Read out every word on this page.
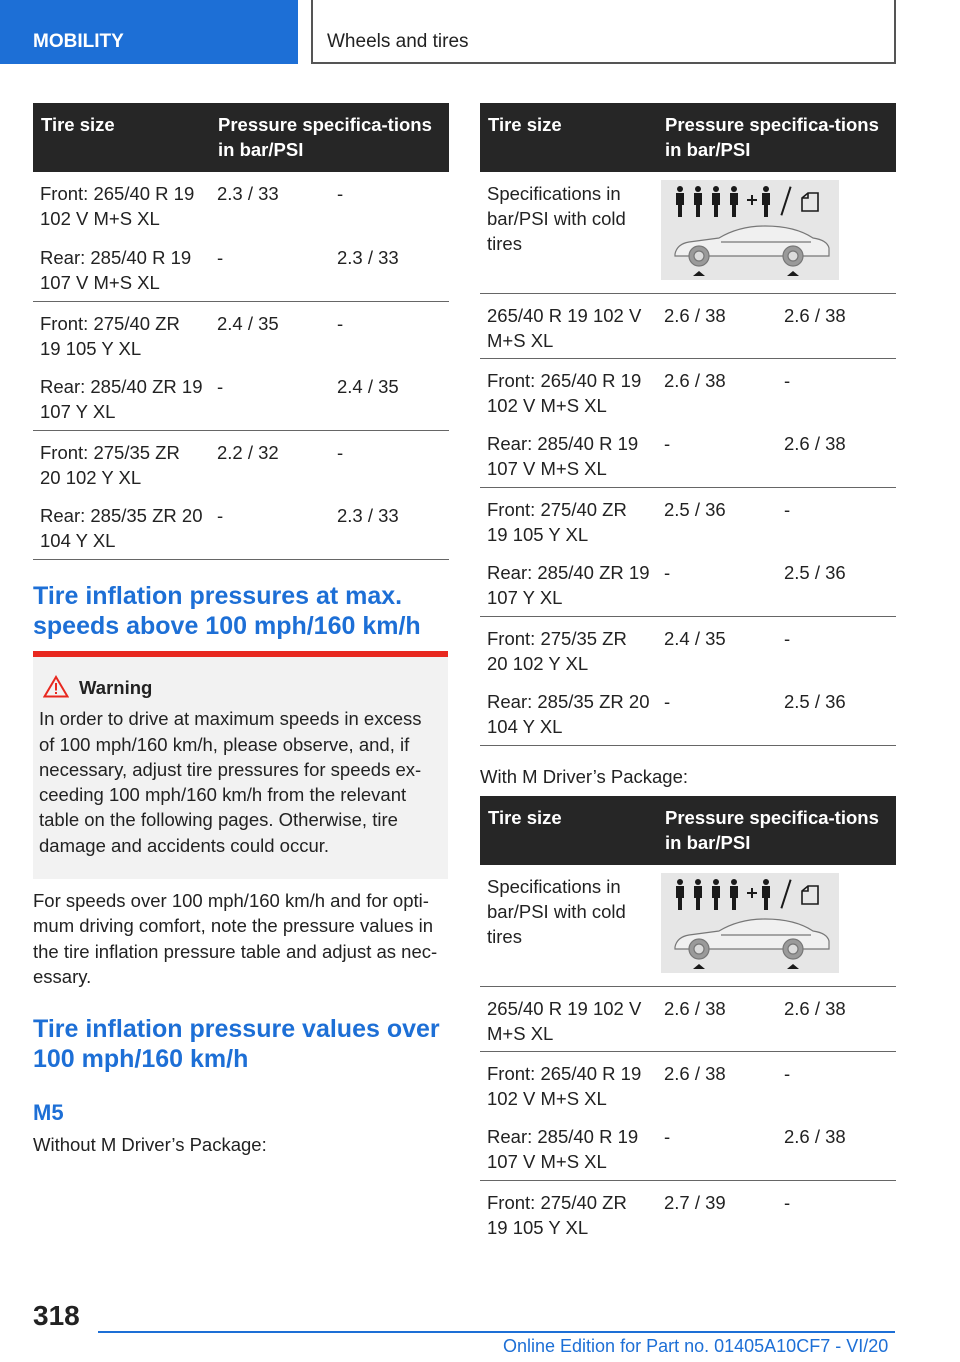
MOBILITY	Wheels and tires
Tire size	Pressure specifica-tions in bar/PSI	
Front: 265/40 R 19 102 V M+S XL	2.3 / 33	-
Rear: 285/40 R 19 107 V M+S XL	-	2.3 / 33
Front: 275/40 ZR 19 105 Y XL	2.4 / 35	-
Rear: 285/40 ZR 19 107 Y XL	-	2.4 / 35
Front: 275/35 ZR 20 102 Y XL	2.2 / 32	-
Rear: 285/35 ZR 20 104 Y XL	-	2.3 / 33
Tire inflation pressures at max. speeds above 100 mph/160 km/h
Warning
In order to drive at maximum speeds in excess of 100 mph/160 km/h, please observe, and, if necessary, adjust tire pressures for speeds ex-ceeding 100 mph/160 km/h from the relevant table on the following pages. Otherwise, tire damage and accidents could occur.
For speeds over 100 mph/160 km/h and for opti-mum driving comfort, note the pressure values in the tire inflation pressure table and adjust as nec-essary.
Tire inflation pressure values over 100 mph/160 km/h
M5
Without M Driver’s Package:
Tire size	Pressure specifica-tions in bar/PSI	
Specifications in bar/PSI with cold tires	

265/40 R 19 102 V M+S XL	2.6 / 38	2.6 / 38
Front: 265/40 R 19 102 V M+S XL	2.6 / 38	-
Rear: 285/40 R 19 107 V M+S XL	-	2.6 / 38
Front: 275/40 ZR 19 105 Y XL	2.5 / 36	-
Rear: 285/40 ZR 19 107 Y XL	-	2.5 / 36
Front: 275/35 ZR 20 102 Y XL	2.4 / 35	-
Rear: 285/35 ZR 20 104 Y XL	-	2.5 / 36
With M Driver’s Package:
Tire size	Pressure specifica-tions in bar/PSI	
Specifications in bar/PSI with cold tires	

265/40 R 19 102 V M+S XL	2.6 / 38	2.6 / 38
Front: 265/40 R 19 102 V M+S XL	2.6 / 38	-
Rear: 285/40 R 19 107 V M+S XL	-	2.6 / 38
Front: 275/40 ZR 19 105 Y XL	2.7 / 39	-
318
Online Edition for Part no. 01405A10CF7 - VI/20
